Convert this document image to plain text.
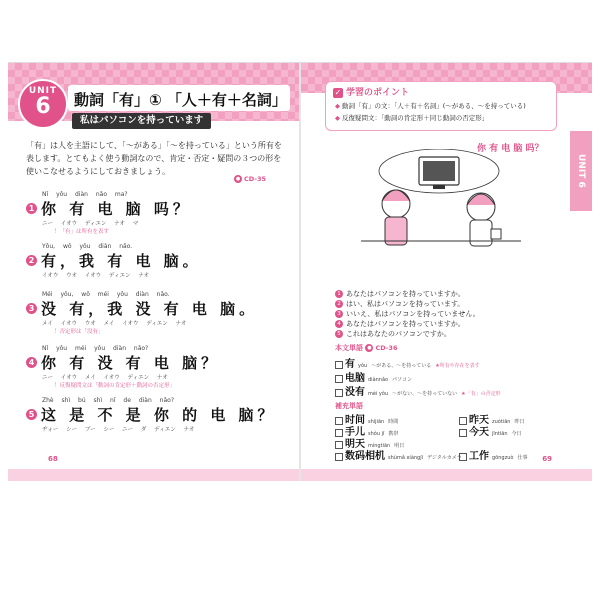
UNIT
6	動詞「有」① 「人＋有＋名詞」
私はパソコンを持っています
「有」は人を主語にして、「～がある」「～を持っている」という所有を表します。とてもよく使う動詞なので、肯定・否定・疑問の３つの形を使いこなせるようにしておきましょう。
● CD-35
Nǐ yǒu diàn nǎo ma?
1 你 有 电 脑 吗？
ニー イオウ ディエン ナオ マ
！「有」は所有を表す
Yǒu, wǒ yǒu diàn nǎo.
2 有，我 有 电 脑。
イオウ ウオ イオウ ディエン ナオ
Méi yǒu, wǒ méi yǒu diàn nǎo.
3 没 有，我 没 有 电 脑。
メイ イオウ ウオ メイ イオウ ディエン ナオ
！否定形は「没有」
Nǐ yǒu méi yǒu diàn nǎo?
4 你 有 没 有 电 脑？
ニー イオウ メイ イオウ ディエン ナオ
！反復疑問文は「動詞の肯定形＋動詞の否定形」
Zhè shì bú shì nǐ de diàn nǎo?
5 这 是 不 是 你 的 电 脑？
ヂォー シー ブー シー ニー ダ ディエン ナオ
68
✓ 学習のポイント
◆ 動詞「有」の文：「人＋有＋名詞」(～がある、～を持っている)
◆ 反復疑問文：「動詞の肯定形＋同じ動詞の否定形」
UNIT 6
你 有 电 脑 吗？
1 あなたはパソコンを持っていますか。
2 はい、私はパソコンを持っています。
3 いいえ、私はパソコンを持っていません。
4 あなたはパソコンを持っていますか。
5 これはあなたのパソコンですか。
本文単語 ● CD-36
有yǒu ～がある、～を持っている ★所有や存在を表す
电脑 diànnǎo パソコン
没有 méi yǒu ～がない、～を持っていない ★「有」の否定形
補充単語
时间 shíjiān 時間
手儿 shǒu jī 携帯
明天 míngtiān 明日
数码相机 shùmǎ xiàngjī デジタルカメラ
昨天 zuótiān 昨日
今天 jīntiān 今日
工作 gōngzuò 仕事 69
